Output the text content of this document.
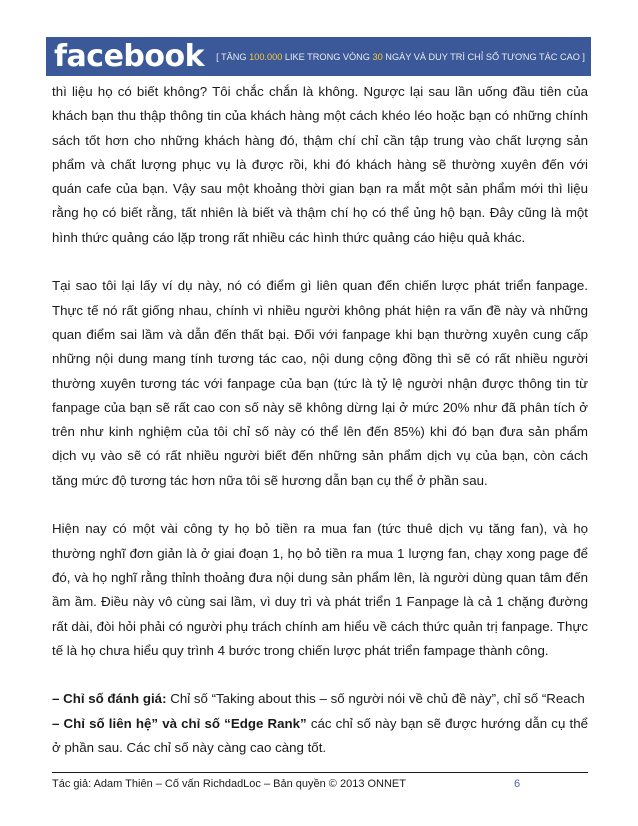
facebook [ TĂNG 100.000 LIKE TRONG VÒNG 30 NGÀY VÀ DUY TRÌ CHỈ SỐ TƯƠNG TÁC CAO ]

thì liệu họ có biết không? Tôi chắc chắn là không. Ngược lại sau lần uống đầu tiên của khách bạn thu thập thông tin của khách hàng một cách khéo léo hoặc bạn có những chính sách tốt hơn cho những khách hàng đó, thậm chí chỉ cần tập trung vào chất lượng sản phẩm và chất lượng phục vụ là được rồi, khi đó khách hàng sẽ thường xuyên đến với quán cafe của bạn. Vậy sau một khoảng thời gian bạn ra mắt một sản phẩm mới thì liệu rằng họ có biết rằng, tất nhiên là biết và thậm chí họ có thể ủng hộ bạn. Đây cũng là một hình thức quảng cáo lặp trong rất nhiều các hình thức quảng cáo hiệu quả khác.

Tại sao tôi lại lấy ví dụ này, nó có điểm gì liên quan đến chiến lược phát triển fanpage. Thực tế nó rất giống nhau, chính vì nhiều người không phát hiện ra vấn đề này và những quan điểm sai lầm và dẫn đến thất bại. Đối với fanpage khi bạn thường xuyên cung cấp những nội dung mang tính tương tác cao, nội dung cộng đồng thì sẽ có rất nhiều người thường xuyên tương tác với fanpage của bạn (tức là tỷ lệ người nhận được thông tin từ fanpage của bạn sẽ rất cao con số này sẽ không dừng lại ở mức 20% như đã phân tích ở trên như kinh nghiệm của tôi chỉ số này có thể lên đến 85%) khi đó bạn đưa sản phẩm dịch vụ vào sẽ có rất nhiều người biết đến những sản phẩm dịch vụ của bạn, còn cách tăng mức độ tương tác hơn nữa tôi sẽ hương dẫn bạn cụ thể ở phần sau.

Hiện nay có một vài công ty họ bỏ tiền ra mua fan (tức thuê dịch vụ tăng fan), và họ thường nghĩ đơn giản là ở giai đoạn 1, họ bỏ tiền ra mua 1 lượng fan, chạy xong page để đó, và họ nghĩ rằng thỉnh thoảng đưa nội dung sản phẩm lên, là người dùng quan tâm đến ầm ầm. Điều này vô cùng sai lầm, vì duy trì và phát triển 1 Fanpage là cả 1 chặng đường rất dài, đòi hỏi phải có người phụ trách chính am hiểu về cách thức quản trị fanpage. Thực tế là họ chưa hiểu quy trình 4 bước trong chiến lược phát triển fampage thành công.

– Chỉ số đánh giá: Chỉ số “Taking about this – số người nói về chủ đề này”, chỉ số “Reach

– Chỉ số liên hệ” và chỉ số “Edge Rank” các chỉ số này bạn sẽ được hướng dẫn cụ thể ở phần sau. Các chỉ số này càng cao càng tốt.

Tác giả: Adam Thiên – Cố vấn RichdadLoc – Bản quyền © 2013 ONNET	6
